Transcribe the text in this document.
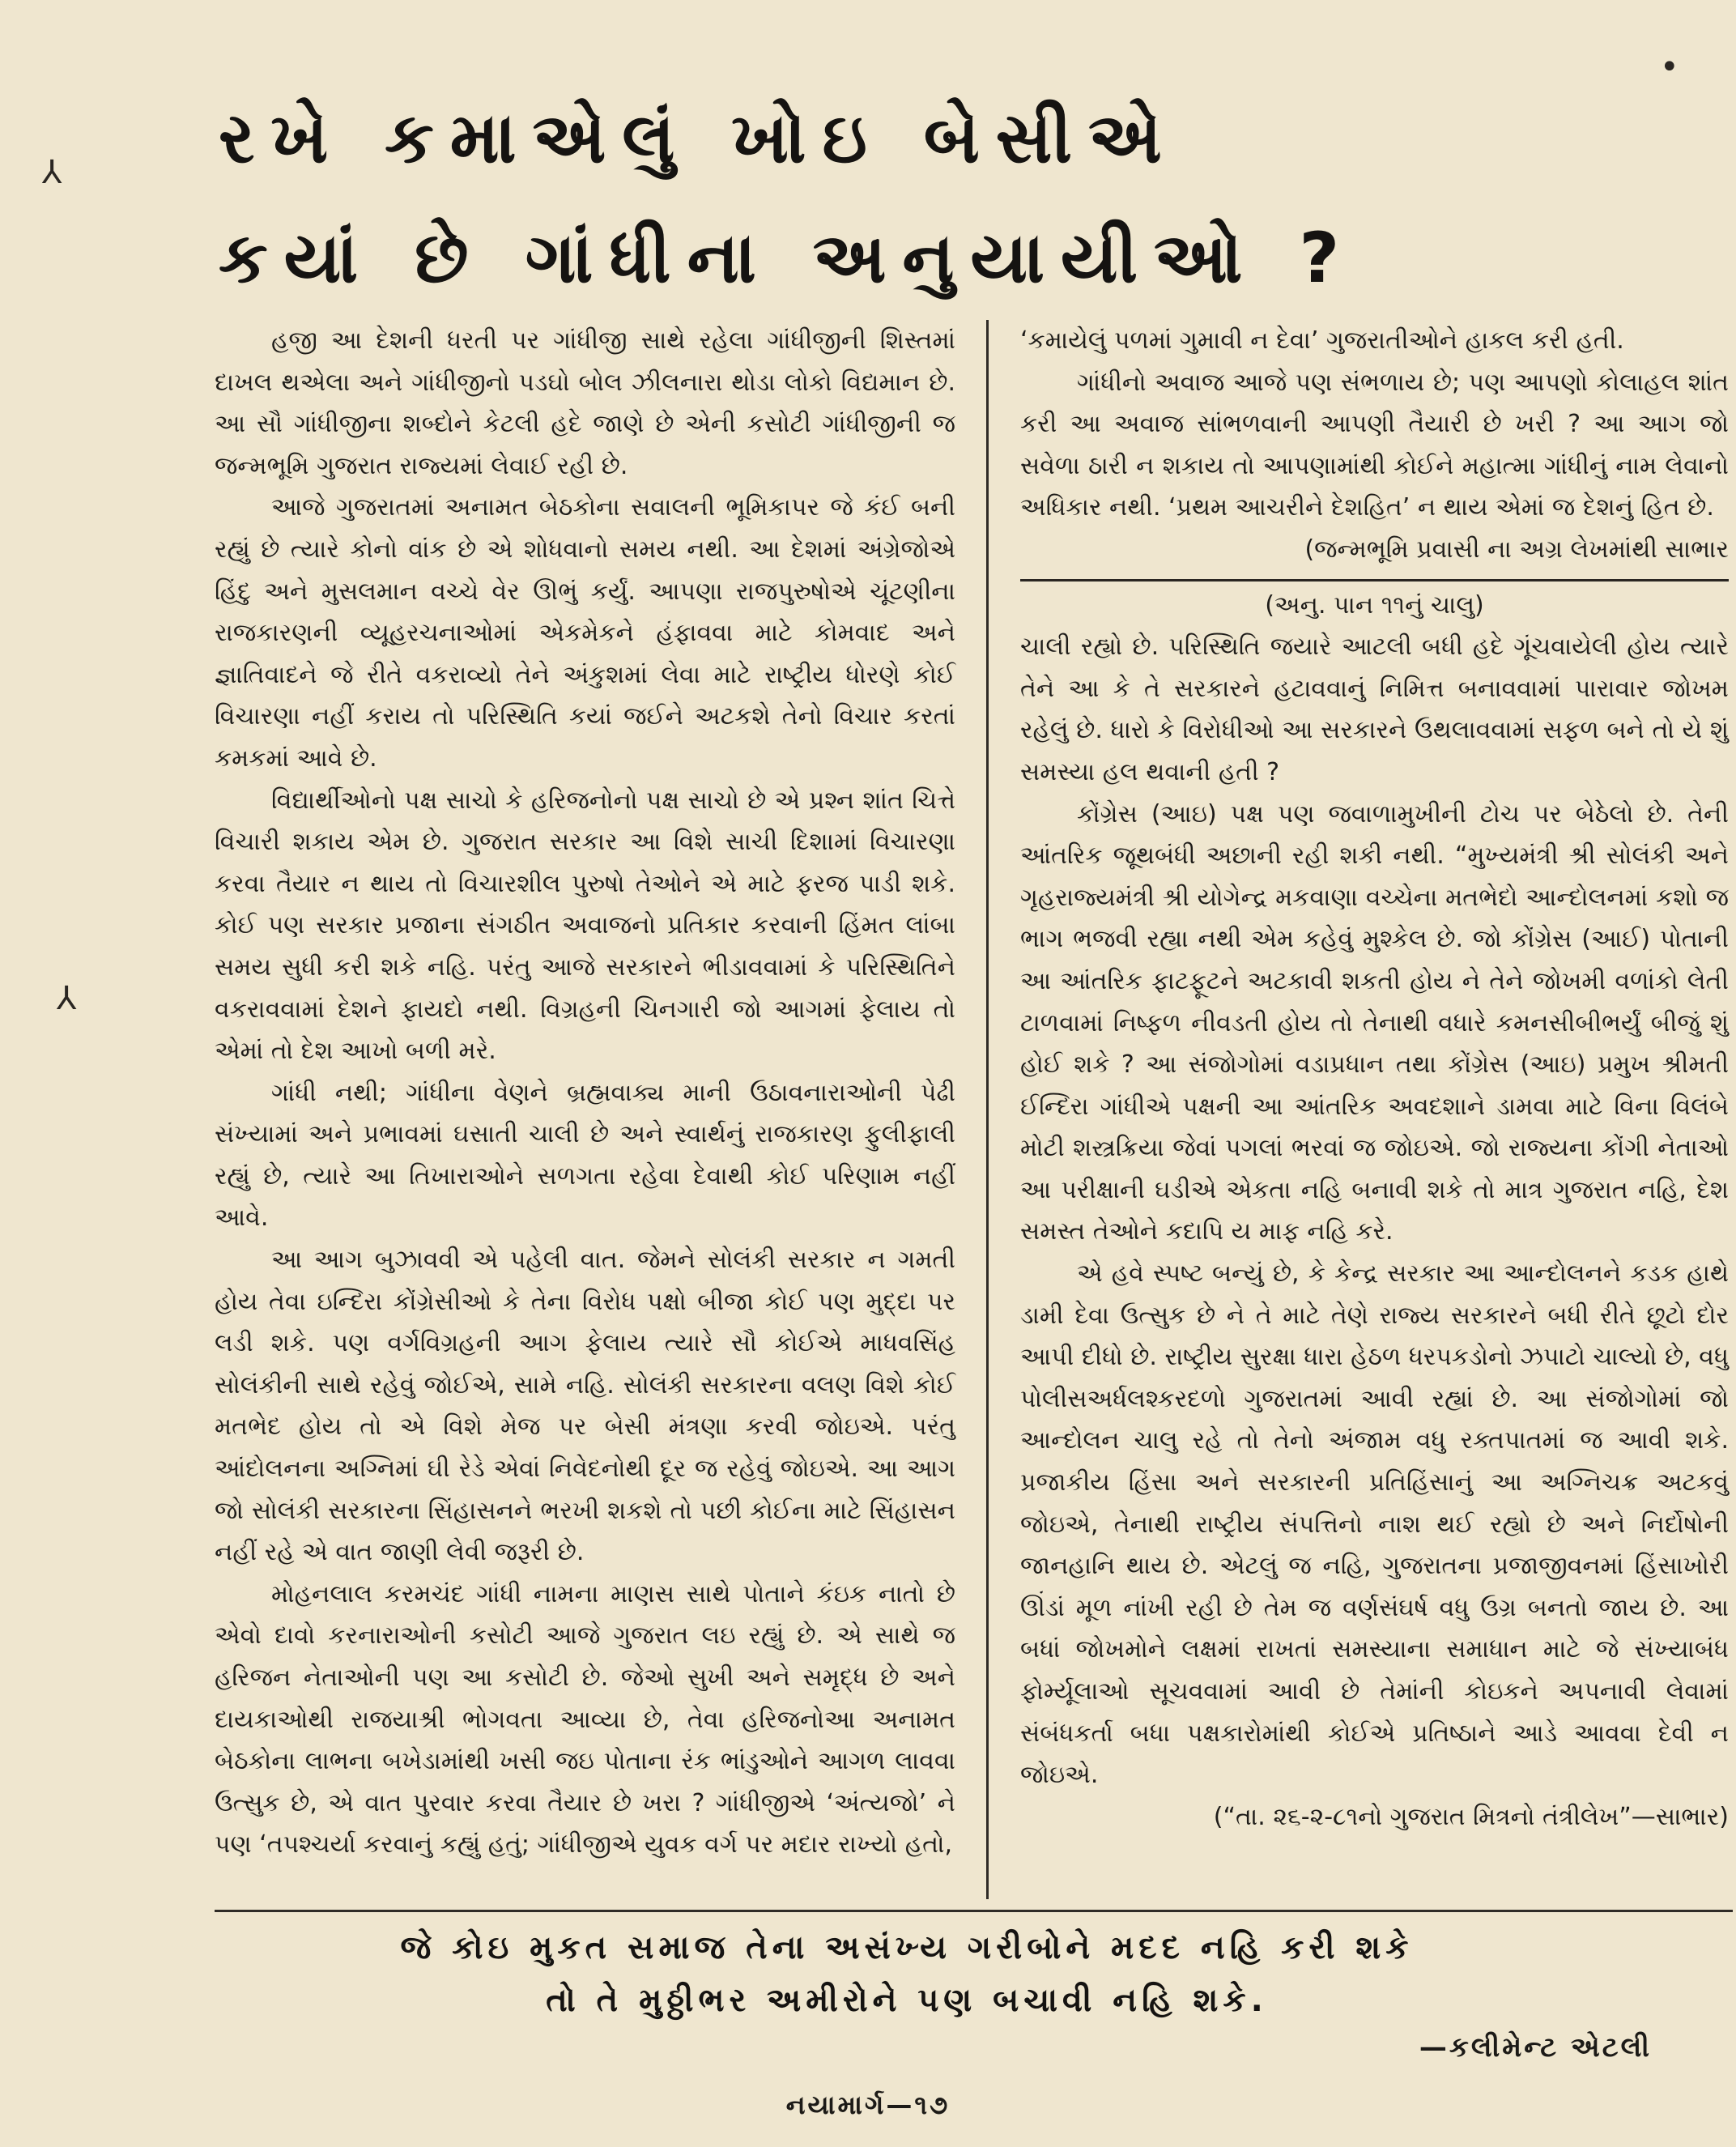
રખે કમાએલું ખોઇ બેસીએ
કયાં છે ગાંધીના અનુયાયીઓ ?

હજી આ દેશની ધરતી પર ગાંધીજી સાથે રહેલા ગાંધીજીની શિસ્તમાં દાખલ થએલા અને ગાંધીજીનો પડઘો બોલ ઝીલનારા થોડા લોકો વિદ્યમાન છે. આ સૌ ગાંધીજીના શબ્દોને કેટલી હદે જાણે છે એની કસોટી ગાંધીજીની જ જન્મભૂમિ ગુજરાત રાજ્યમાં લેવાઈ રહી છે.

આજે ગુજરાતમાં અનામત બેઠકોના સવાલની ભૂમિકાપર જે કંઈ બની રહ્યું છે ત્યારે કોનો વાંક છે એ શોધવાનો સમય નથી. આ દેશમાં અંગ્રેજોએ હિંદુ અને મુસલમાન વચ્ચે વેર ઊભું કર્યું. આપણા રાજપુરુષોએ ચૂંટણીના રાજકારણની વ્યૂહરચનાઓમાં એકમેકને હંફાવવા માટે કોમવાદ અને જ્ઞાતિવાદને જે રીતે વકરાવ્યો તેને અંકુશમાં લેવા માટે રાષ્ટ્રીય ધોરણે કોઈ વિચારણા નહીં કરાય તો પરિસ્થિતિ કયાં જઈને અટકશે તેનો વિચાર કરતાં કમકમાં આવે છે.

વિદ્યાર્થીઓનો પક્ષ સાચો કે હરિજનોનો પક્ષ સાચો છે એ પ્રશ્ન શાંત ચિત્તે વિચારી શકાય એમ છે. ગુજરાત સરકાર આ વિશે સાચી દિશામાં વિચારણા કરવા તૈયાર ન થાય તો વિચારશીલ પુરુષો તેઓને એ માટે ફરજ પાડી શકે. કોઈ પણ સરકાર પ્રજાના સંગઠીત અવાજનો પ્રતિકાર કરવાની હિંમત લાંબા સમય સુધી કરી શકે નહિ. પરંતુ આજે સરકારને ભીડાવવામાં કે પરિસ્થિતિને વકરાવવામાં દેશને ફાયદો નથી. વિગ્રહની ચિનગારી જો આગમાં ફેલાય તો એમાં તો દેશ આખો બળી મરે.

ગાંધી નથી; ગાંધીના વેણને બ્રહ્મવાક્ય માની ઉઠાવનારાઓની પેઢી સંખ્યામાં અને પ્રભાવમાં ઘસાતી ચાલી છે અને સ્વાર્થનું રાજકારણ ફુલીફાલી રહ્યું છે, ત્યારે આ તિખારાઓને સળગતા રહેવા દેવાથી કોઈ પરિણામ નહીં આવે.

આ આગ બુઝાવવી એ પહેલી વાત. જેમને સોલંકી સરકાર ન ગમતી હોય તેવા ઇન્દિરા કોંગ્રેસીઓ કે તેના વિરોધ પક્ષો બીજા કોઈ પણ મુદ્દા પર લડી શકે. પણ વર્ગવિગ્રહની આગ ફેલાય ત્યારે સૌ કોઈએ માધવસિંહ સોલંકીની સાથે રહેવું જોઈએ, સામે નહિ. સોલંકી સરકારના વલણ વિશે કોઈ મતભેદ હોય તો એ વિશે મેજ પર બેસી મંત્રણા કરવી જોઇએ. પરંતુ આંદોલનના અગ્નિમાં ઘી રેડે એવાં નિવેદનોથી દૂર જ રહેવું જોઇએ. આ આગ જો સોલંકી સરકારના સિંહાસનને ભરખી શકશે તો પછી કોઈના માટે સિંહાસન નહીં રહે એ વાત જાણી લેવી જરૂરી છે.

મોહનલાલ કરમચંદ ગાંધી નામના માણસ સાથે પોતાને કંઇક નાતો છે એવો દાવો કરનારાઓની કસોટી આજે ગુજરાત લઇ રહ્યું છે. એ સાથે જ હરિજન નેતાઓની પણ આ કસોટી છે. જેઓ સુખી અને સમૃદ્ધ છે અને દાયકાઓથી રાજયાશ્રી ભોગવતા આવ્યા છે, તેવા હરિજનોઆ અનામત બેઠકોના લાભના બખેડામાંથી ખસી જઇ પોતાના રંક ભાંડુઓને આગળ લાવવા ઉત્સુક છે, એ વાત પુરવાર કરવા તૈયાર છે ખરા ? ગાંધીજીએ ‘અંત્યજો’ ને પણ ‘તપશ્ચર્યા કરવાનું કહ્યું હતું; ગાંધીજીએ યુવક વર્ગ પર મદાર રાખ્યો હતો,

‘કમાયેલું પળમાં ગુમાવી ન દેવા’ ગુજરાતીઓને હાકલ કરી હતી.

ગાંધીનો અવાજ આજે પણ સંભળાય છે; પણ આપણો કોલાહલ શાંત કરી આ અવાજ સાંભળવાની આપણી તૈયારી છે ખરી ? આ આગ જો સવેળા ઠારી ન શકાય તો આપણામાંથી કોઈને મહાત્મા ગાંધીનું નામ લેવાનો અધિકાર નથી. ‘પ્રથમ આચરીને દેશહિત’ ન થાય એમાં જ દેશનું હિત છે.

(જન્મભૂમિ પ્રવાસી ના અગ્ર લેખમાંથી સાભાર
(અનુ. પાન ૧૧નું ચાલુ)

ચાલી રહ્યો છે. પરિસ્થિતિ જયારે આટલી બધી હદે ગૂંચવાયેલી હોય ત્યારે તેને આ કે તે સરકારને હટાવવાનું નિમિત્ત બનાવવામાં પારાવાર જોખમ રહેલું છે. ધારો કે વિરોધીઓ આ સરકારને ઉથલાવવામાં સફળ બને તો યે શું સમસ્યા હલ થવાની હતી ?

કોંગ્રેસ (આઇ) પક્ષ પણ જવાળામુખીની ટોચ પર બેઠેલો છે. તેની આંતરિક જૂથબંધી અછાની રહી શકી નથી. “મુખ્યમંત્રી શ્રી સોલંકી અને ગૃહરાજ્યમંત્રી શ્રી યોગેન્દ્ર મકવાણા વચ્ચેના મતભેદો આન્દોલનમાં કશો જ ભાગ ભજવી રહ્યા નથી એમ કહેવું મુશ્કેલ છે. જો કોંગ્રેસ (આઈ) પોતાની આ આંતરિક ફાટફૂટને અટકાવી શકતી હોય ને તેને જોખમી વળાંકો લેતી ટાળવામાં નિષ્ફળ નીવડતી હોય તો તેનાથી વધારે કમનસીબીભર્યું બીજું શું હોઈ શકે ? આ સંજોગોમાં વડાપ્રધાન તથા કોંગ્રેસ (આઇ) પ્રમુખ શ્રીમતી ઈન્દિરા ગાંધીએ પક્ષની આ આંતરિક અવદશાને ડામવા માટે વિના વિલંબે મોટી શસ્ત્રક્રિયા જેવાં પગલાં ભરવાં જ જોઇએ. જો રાજ્યના કોંગી નેતાઓ આ પરીક્ષાની ઘડીએ એકતા નહિ બનાવી શકે તો માત્ર ગુજરાત નહિ, દેશ સમસ્ત તેઓને કદાપિ ય માફ નહિ કરે.

એ હવે સ્પષ્ટ બન્યું છે, કે કેન્દ્ર સરકાર આ આન્દોલનને કડક હાથે ડામી દેવા ઉત્સુક છે ને તે માટે તેણે રાજ્ય સરકારને બધી રીતે છૂટો દોર આપી દીધો છે. રાષ્ટ્રીય સુરક્ષા ધારા હેઠળ ધરપકડોનો ઝપાટો ચાલ્યો છે, વધુ પોલીસઅર્ધલશ્કરદળો ગુજરાતમાં આવી રહ્યાં છે. આ સંજોગોમાં જો આન્દોલન ચાલુ રહે તો તેનો અંજામ વધુ રક્તપાતમાં જ આવી શકે. પ્રજાકીય હિંસા અને સરકારની પ્રતિહિંસાનું આ અગ્નિચક્ર અટકવું જોઇએ, તેનાથી રાષ્ટ્રીય સંપત્તિનો નાશ થઈ રહ્યો છે અને નિર્દોષોની જાનહાનિ થાય છે. એટલું જ નહિ, ગુજરાતના પ્રજાજીવનમાં હિંસાખોરી ઊંડાં મૂળ નાંખી રહી છે તેમ જ વર્ણસંઘર્ષ વધુ ઉગ્ર બનતો જાય છે. આ બધાં જોખમોને લક્ષમાં રાખતાં સમસ્યાના સમાધાન માટે જે સંખ્યાબંધ ફોર્મ્યૂલાઓ સૂચવવામાં આવી છે તેમાંની કોઇકને અપનાવી લેવામાં સંબંધકર્તા બધા પક્ષકારોમાંથી કોઈએ પ્રતિષ્ઠાને આડે આવવા દેવી ન જોઇએ.

(“તા. ૨૬-૨-૮૧નો ગુજરાત મિત્રનો તંત્રીલેખ”—સાભાર)
જે કોઇ મુકત સમાજ તેના અસંખ્ય ગરીબોને મદદ નહિ કરી શકે
તો તે મુઠ્ઠીભર અમીરોને પણ બચાવી નહિ શકે.
—કલીમેન્ટ એટલી
નયામાર્ગ—૧૭
⅄
⅄
•
